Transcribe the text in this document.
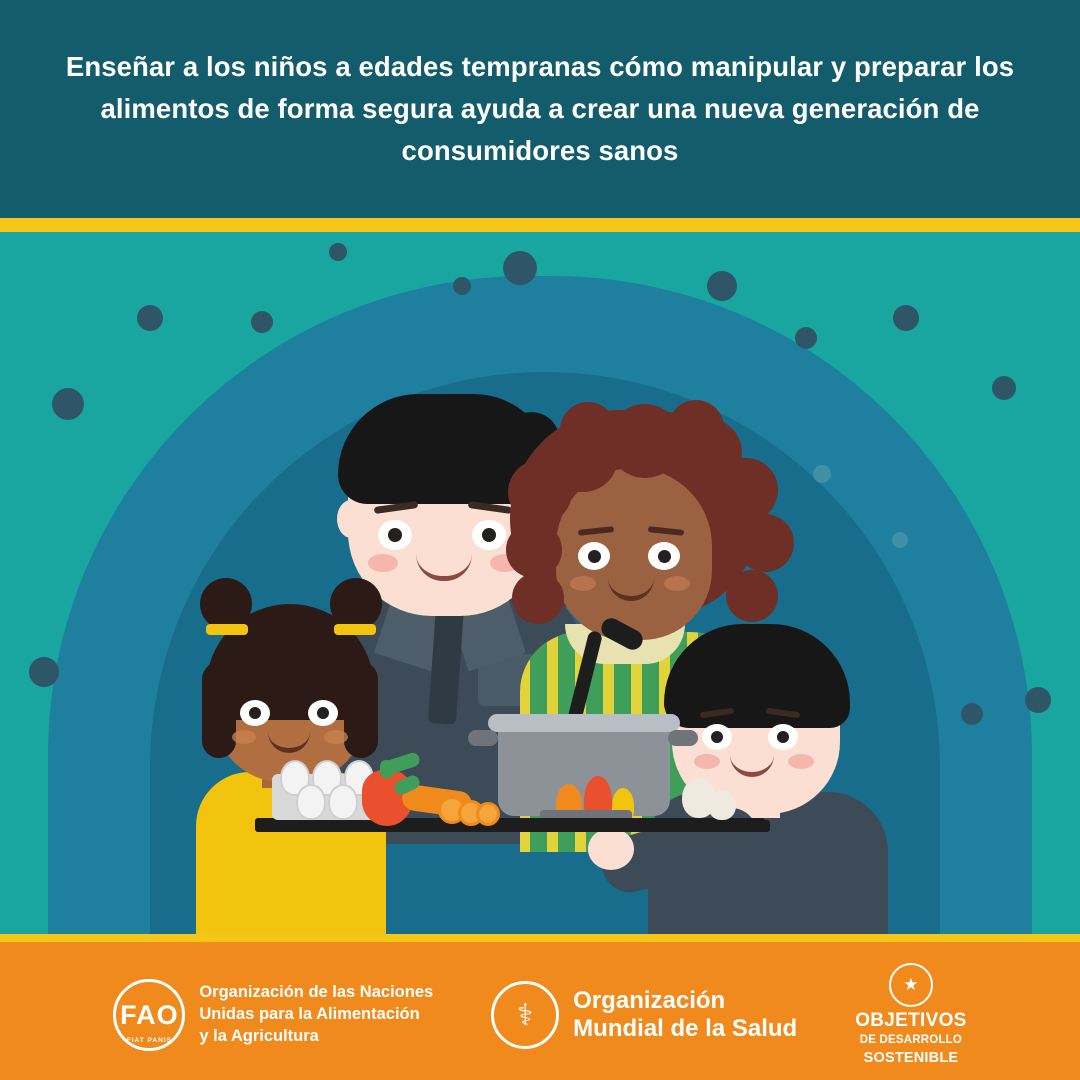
Enseñar a los niños a edades tempranas cómo manipular y preparar los alimentos de forma segura ayuda a crear una nueva generación de consumidores sanos
FAO
FIAT PANIS
Organización de las Naciones
Unidas para la Alimentación
y la Agricultura
⚕	Organización
Mundial de la Salud
★
OBJETIVOS
DE DESARROLLO
SOSTENIBLE
